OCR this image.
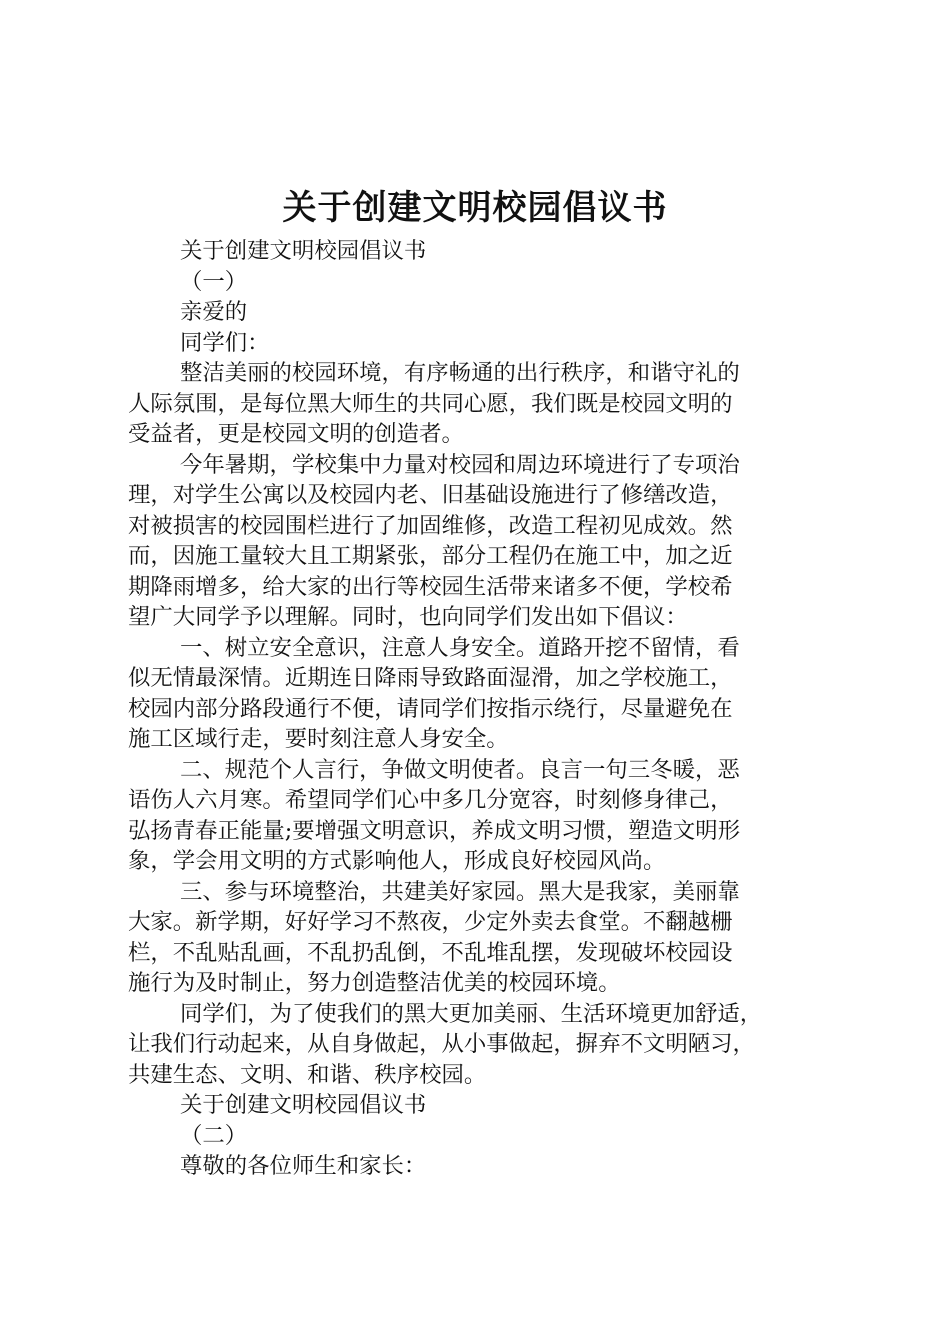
关于创建文明校园倡议书
关于创建文明校园倡议书
（一）
亲爱的
同学们：
整洁美丽的校园环境，有序畅通的出行秩序，和谐守礼的
人际氛围，是每位黑大师生的共同心愿，我们既是校园文明的
受益者，更是校园文明的创造者。
今年暑期，学校集中力量对校园和周边环境进行了专项治
理，对学生公寓以及校园内老、旧基础设施进行了修缮改造，
对被损害的校园围栏进行了加固维修，改造工程初见成效。然
而，因施工量较大且工期紧张，部分工程仍在施工中，加之近
期降雨增多，给大家的出行等校园生活带来诸多不便，学校希
望广大同学予以理解。同时，也向同学们发出如下倡议：
一、树立安全意识，注意人身安全。道路开挖不留情，看
似无情最深情。近期连日降雨导致路面湿滑，加之学校施工，
校园内部分路段通行不便，请同学们按指示绕行，尽量避免在
施工区域行走，要时刻注意人身安全。
二、规范个人言行，争做文明使者。良言一句三冬暖，恶
语伤人六月寒。希望同学们心中多几分宽容，时刻修身律己，
弘扬青春正能量;要增强文明意识，养成文明习惯，塑造文明形
象，学会用文明的方式影响他人，形成良好校园风尚。
三、参与环境整治，共建美好家园。黑大是我家，美丽靠
大家。新学期，好好学习不熬夜，少定外卖去食堂。不翻越栅
栏，不乱贴乱画，不乱扔乱倒，不乱堆乱摆，发现破坏校园设
施行为及时制止，努力创造整洁优美的校园环境。
同学们，为了使我们的黑大更加美丽、生活环境更加舒适，
让我们行动起来，从自身做起，从小事做起，摒弃不文明陋习，
共建生态、文明、和谐、秩序校园。
关于创建文明校园倡议书
（二）
尊敬的各位师生和家长：
